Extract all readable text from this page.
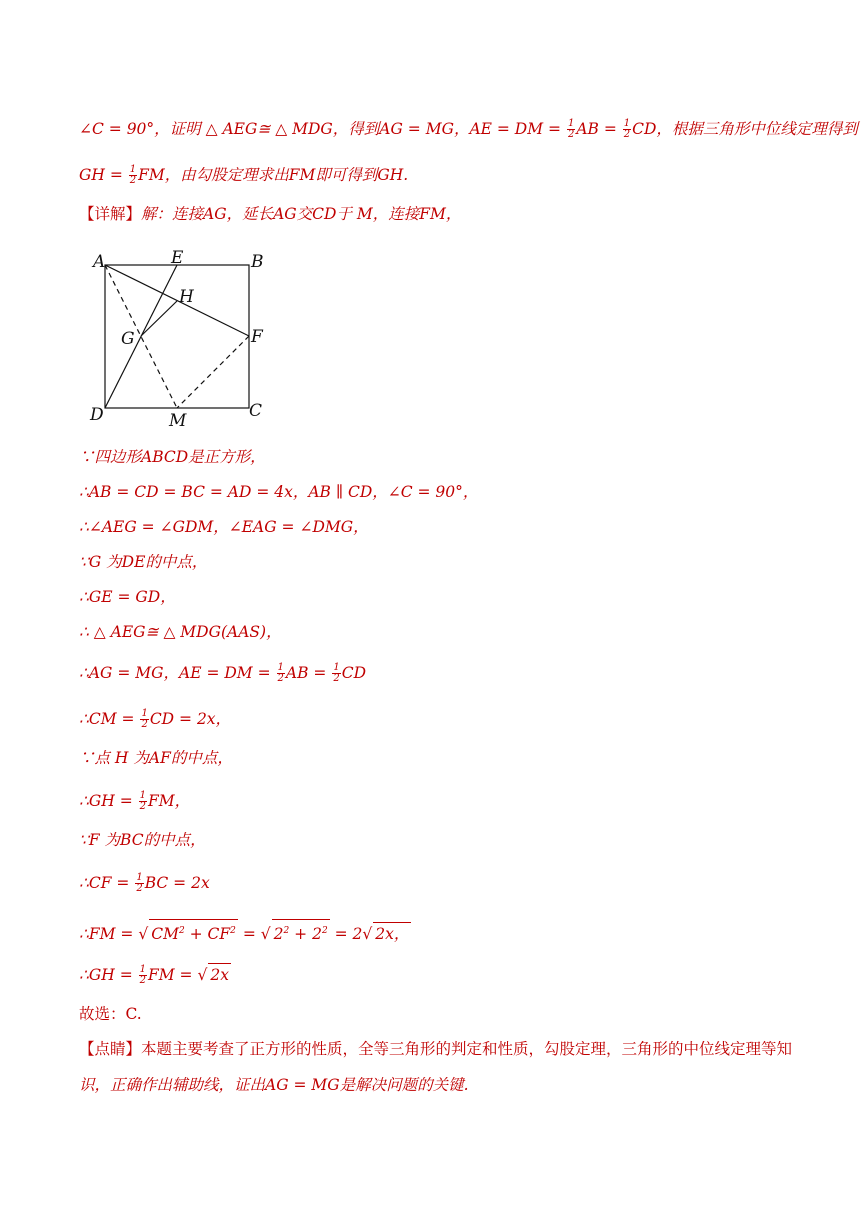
∠C = 90°，证明 △ AEG≅ △ MDG，得到AG = MG，AE = DM = $\frac{1}{2}$ AB = $\frac{1}{2}$ CD，根据三角形中位线定理得到
GH = $\frac{1}{2}$ FM，由勾股定理求出FM即可得到GH.
【详解】解：连接AG，延长AG交CD于 M，连接FM，
A	E	B
H
G	F
D	M	C
∵四边形ABCD是正方形，
∴AB = CD = BC = AD = 4x，AB ∥ CD，∠C = 90°，
∴∠AEG = ∠GDM，∠EAG = ∠DMG，
∵G 为DE的中点，
∴GE = GD，
∴ △ AEG≅ △ MDG(AAS)，
∴AG = MG，AE = DM = $\frac{1}{2}$ AB = $\frac{1}{2}$ CD
∴CM = $\frac{1}{2}$ CD = 2x，
∵点 H 为AF的中点，
∴GH = $\frac{1}{2}$ FM，
∵F 为BC的中点，
∴CF = $\frac{1}{2}$ BC = 2x
∴FM = √ $CM^2 + CF^2$ = √ $2^2 + 2^2 = 2√$ 2x，
∴GH = $\frac{1}{2}$ FM = √ 2x
故选：C.
【点睛】本题主要考查了正方形的性质，全等三角形的判定和性质，勾股定理，三角形的中位线定理等知
识，正确作出辅助线，证出AG = MG是解决问题的关键.
